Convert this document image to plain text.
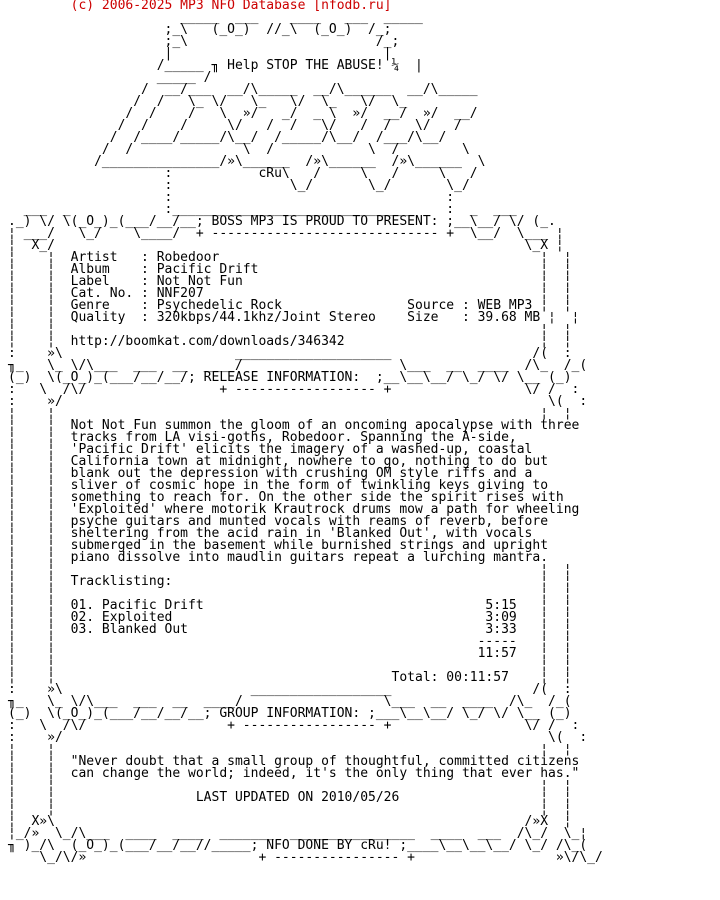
(c) 2006-2025 MP3 NFO Database [nfodb.ru]
_____  ___    ____   ___  _____
;_\   (_O_)  //_\  (_O_)  /_;
;_\                        /_;
|                           |
/_____ ╖ Help STOP THE ABUSE! ¼  |
_____ /
/  __/___  __/\_____  __/\______  __/\_____
/  /   \_ \/   \_   \/  \_   \/  \_
/  /    /   \  »/   _/  _ \  »/  __/  »/  __/
/  /    /     \/   /  /   \/   /  /   \/   /
/  /____/_____/\__/  /_____/\__/  /___/\__/
/  /              \  /            \  /        \
/_______________/»\______  /»\______  /»\______  \
:           cRu\   /     \   /     \   /
:               \_/       \_/       \_/
:                                   :
___  _            :_______________________________    :  _  ___
._) \/ \(_O_)_(___/__/__; BOSS MP3 IS PROUD TO PRESENT: ;__\__/ \/ (_.
¦ ___/   \_/    \____/  + ----------------------------- +  \__/  \___ ¦
¦  X_/                                                            \_X ¦
¦    ¦  Artist   : Robedoor                                         ¦  ¦
¦    ¦  Album    : Pacific Drift                                    ¦  ¦
¦    ¦  Label    : Not Not Fun                                      ¦  ¦
¦    ¦  Cat. No. : NNF207                                           ¦  ¦
¦    ¦  Genre    : Psychedelic Rock                Source : WEB MP3 ¦  ¦
¦    ¦  Quality  : 320kbps/44.1khz/Joint Stereo    Size   : 39.68 MB ¦  ¦
¦    ¦                                                              ¦  ¦
¦    ¦  http://boomkat.com/downloads/346342                         ¦  ¦
:    »\                      ____________________                  /(  :
╖_   \_ \/\___  ___  __  ____/                    \___  __  ____  /\_  /_(
(_)  \(_O_)_(___/__/__/; RELEASE INFORMATION:  ;__\__\__/ \_/ \/ \__ (_)
:   \  /\/                 + ------------------ +                 \/ /  :
:    »/                                                              \(  :
¦    ¦                                                              ¦  ¦
¦    ¦  Not Not Fun summon the gloom of an oncoming apocalypse with three
¦    ¦  tracks from LA visi-goths, Robedoor. Spanning the A-side,
¦    ¦  'Pacific Drift' elicits the imagery of a washed-up, coastal
¦    ¦  California town at midnight, nowhere to go, nothing to do but
¦    ¦  blank out the depression with crushing OM style riffs and a
¦    ¦  sliver of cosmic hope in the form of twinkling keys giving to
¦    ¦  something to reach for. On the other side the spirit rises with
¦    ¦  'Exploited' where motorik Krautrock drums mow a path for wheeling
¦    ¦  psyche guitars and munted vocals with reams of reverb, before
¦    ¦  sheltering from the acid rain in 'Blanked Out', with vocals
¦    ¦  submerged in the basement while burnished strings and upright
¦    ¦  piano dissolve into maudlin guitars repeat a lurching mantra.
¦    ¦                                                              ¦  ¦
¦    ¦  Tracklisting:                                               ¦  ¦
¦    ¦                                                              ¦  ¦
¦    ¦  01. Pacific Drift                                    5:15   ¦  ¦
¦    ¦  02. Exploited                                        3:09   ¦  ¦
¦    ¦  03. Blanked Out                                      3:33   ¦  ¦
¦    ¦                                                      -----   ¦  ¦
¦    ¦                                                      11:57   ¦  ¦
¦    ¦                                                              ¦  ¦
¦    ¦                                           Total: 00:11:57    ¦  ¦
:    »\                        __________________                  /(  :
╖_   \_ \/\___  ___  __  ____/                  \___  __  ____  /\_  /_(
(_)  \(_O_)_(___/__/__/__; GROUP INFORMATION: ;___\__\__/ \_/ \/ \__ (_)
:   \  /\/                  + ----------------- +                 \/ /  :
:    »/                                                              \(  :
¦    ¦                                                              ¦  ¦
¦    ¦  "Never doubt that a small group of thoughtful, committed citizens
¦    ¦  can change the world; indeed, it's the only thing that ever has."
¦    ¦                                                              ¦  ¦
¦    ¦                  LAST UPDATED ON 2010/05/26                  ¦  ¦
¦    ¦                                                              ¦  ¦
¦  X»\                                                            /»X  ¦
¦_/»  \_/\___  ____  ____  _______  ________________  ____  ___  /\_/  \_¦
╖ )_/\  (_O_)_(___/__/__//_____; NFO DONE BY cRu! ;____\__\__\__/ \_/ /\_(
\_/\/»                      + ---------------- +                  »\/\_/
